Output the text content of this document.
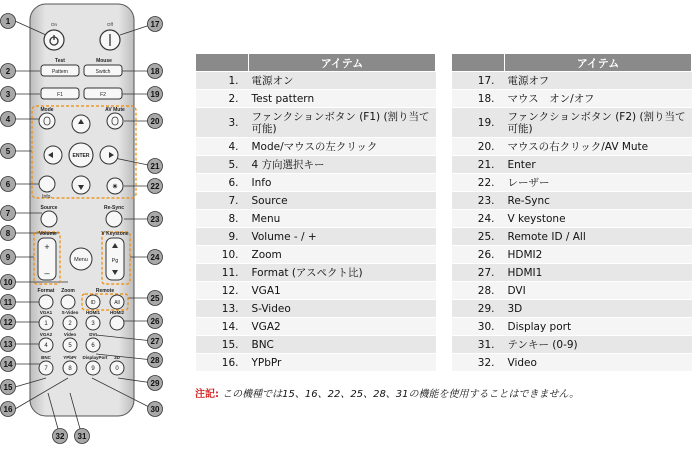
On	Off
Test	Mouse
Pattern	Switch
F1	F2
Mode	AV Mute
ENTER
Info.
✷
Source	Re-Sync
Volume
+
–
Menu
V Keystone
Pg
Format Zoom	Remote
ID	All
VGA1 S-Video HDMI1 HDMI2
1	2	3
4	5	6
7	8	9	0
VGA2	Video	DVI
BNC	YPbPr DisplayPort 3D
1
2
3
4
5
6
7
8
9
10
11
12
13
14
15
16
17
18
19
20
21
22
23
24
25
26
27
28
29
30
32 31
	アイテム
1.	電源オン
2.	Test pattern
3.	ファンクションボタン (F1) (割り当て可能)
4.	Mode/マウスの左クリック
5.	4 方向選択キー
6.	Info
7.	Source
8.	Menu
9.	Volume - / +
10.	Zoom
11.	Format (アスペクト比)
12.	VGA1
13.	S-Video
14.	VGA2
15.	BNC
16.	YPbPr
	アイテム
17.	電源オフ
18.	マウス　オン/オフ
19.	ファンクションボタン (F2) (割り当て可能)
20.	マウスの右クリック/AV Mute
21.	Enter
22.	レーザー
23.	Re-Sync
24.	V keystone
25.	Remote ID / All
26.	HDMI2
27.	HDMI1
28.	DVI
29.	3D
30.	Display port
31.	テンキー (0-9)
32.	Video
注記: この機種では15、16、22、25、28、31の機能を使用することはできません。
